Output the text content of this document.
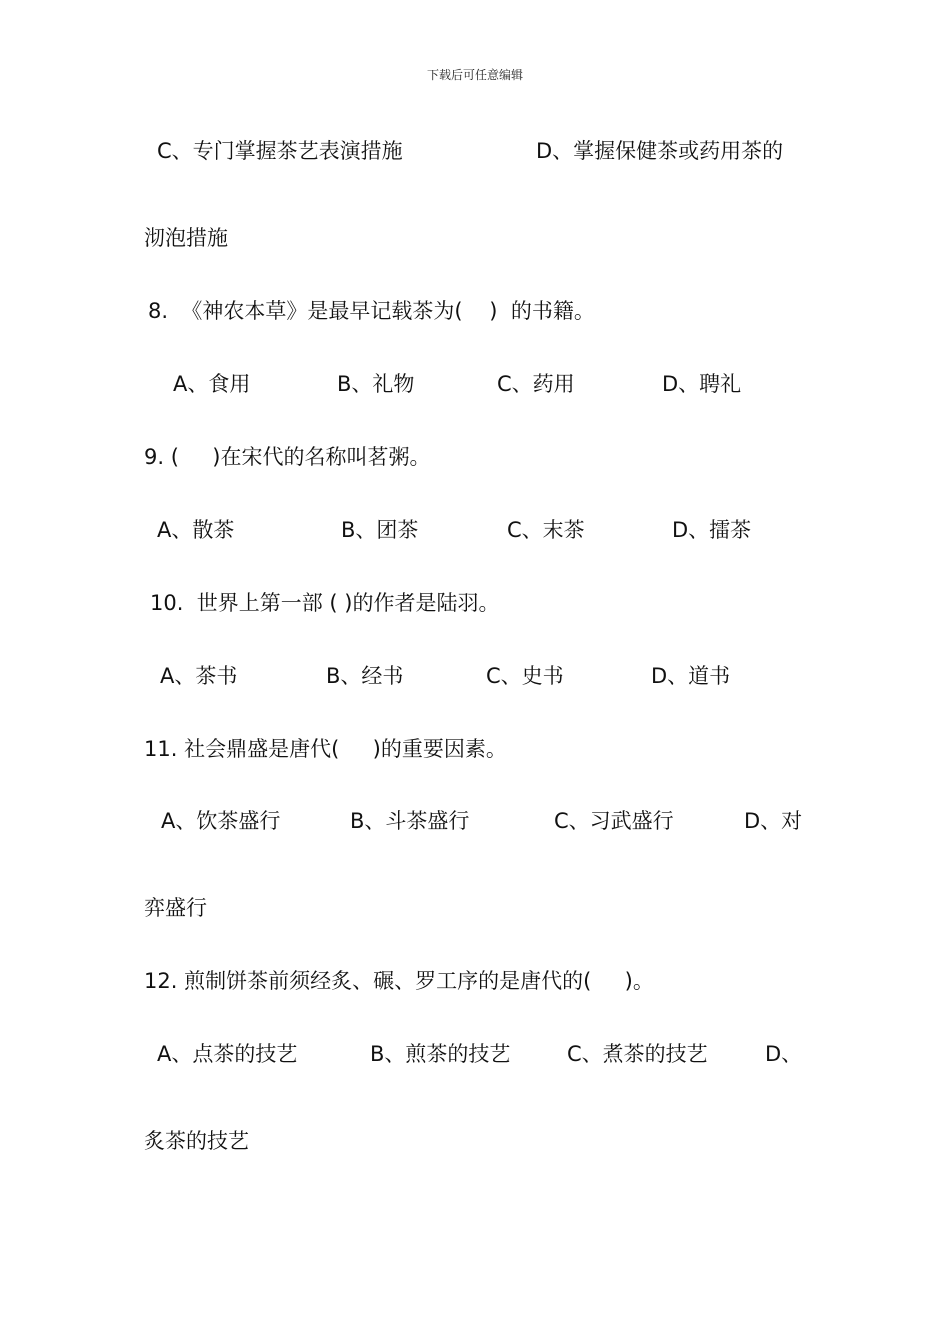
下载后可任意编辑
C、专门掌握茶艺表演措施	D、掌握保健茶或药用茶的
沏泡措施
8.  《神农本草》是最早记载茶为(    )  的书籍。
A、食用	B、礼物	C、药用	D、聘礼
9. (     )在宋代的名称叫茗粥。
A、散茶	B、团茶	C、末茶	D、擂茶
10.  世界上第一部 ( )的作者是陆羽。
A、茶书	B、经书	C、史书	D、道书
11. 社会鼎盛是唐代(     )的重要因素。
A、饮茶盛行	B、斗茶盛行	C、习武盛行	D、对
弈盛行
12. 煎制饼茶前须经炙、碾、罗工序的是唐代的(     )。
A、点茶的技艺	B、煎茶的技艺	C、煮茶的技艺	D、
炙茶的技艺
